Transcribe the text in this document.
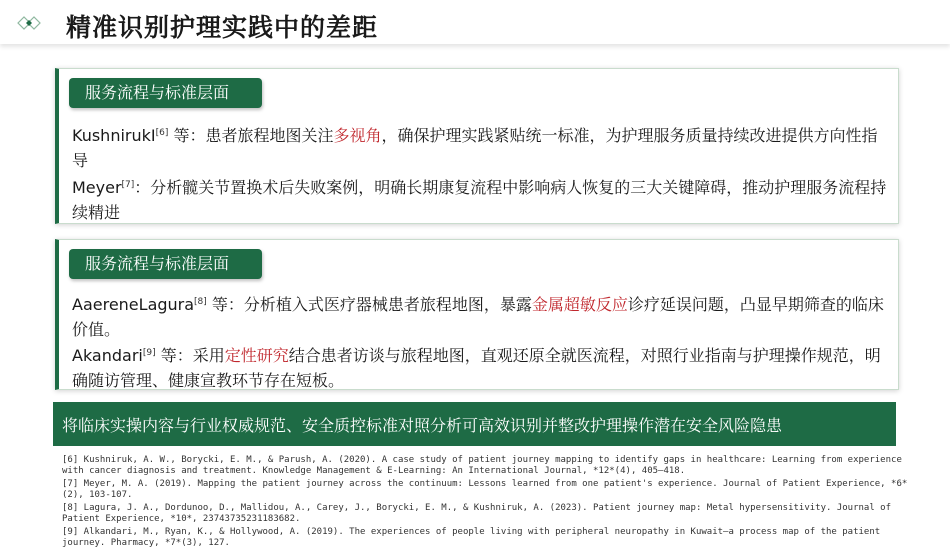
精准识别护理实践中的差距
服务流程与标准层面
KushnirukI[6] 等：患者旅程地图关注多视角，确保护理实践紧贴统一标准，为护理服务质量持续改进提供方向性指导
Meyer[7]：分析髋关节置换术后失败案例，明确长期康复流程中影响病人恢复的三大关键障碍，推动护理服务流程持续精进
服务流程与标准层面
AaereneLagura[8] 等：分析植入式医疗器械患者旅程地图，暴露金属超敏反应诊疗延误问题，凸显早期筛查的临床价值。
Akandari[9] 等：采用定性研究结合患者访谈与旅程地图，直观还原全就医流程，对照行业指南与护理操作规范，明确随访管理、健康宣教环节存在短板。
将临床实操内容与行业权威规范、安全质控标准对照分析可高效识别并整改护理操作潜在安全风险隐患
[6] Kushniruk, A. W., Borycki, E. M., & Parush, A. (2020). A case study of patient journey mapping to identify gaps in healthcare: Learning from experience with cancer diagnosis and treatment. Knowledge Management & E-Learning: An International Journal, *12*(4), 405–418.
[7] Meyer, M. A. (2019). Mapping the patient journey across the continuum: Lessons learned from one patient's experience. Journal of Patient Experience, *6*(2), 103-107.
[8] Lagura, J. A., Dordunoo, D., Mallidou, A., Carey, J., Borycki, E. M., & Kushniruk, A. (2023). Patient journey map: Metal hypersensitivity. Journal of Patient Experience, *10*, 23743735231183682.
[9] Alkandari, M., Ryan, K., & Hollywood, A. (2019). The experiences of people living with peripheral neuropathy in Kuwait—a process map of the patient journey. Pharmacy, *7*(3), 127.
